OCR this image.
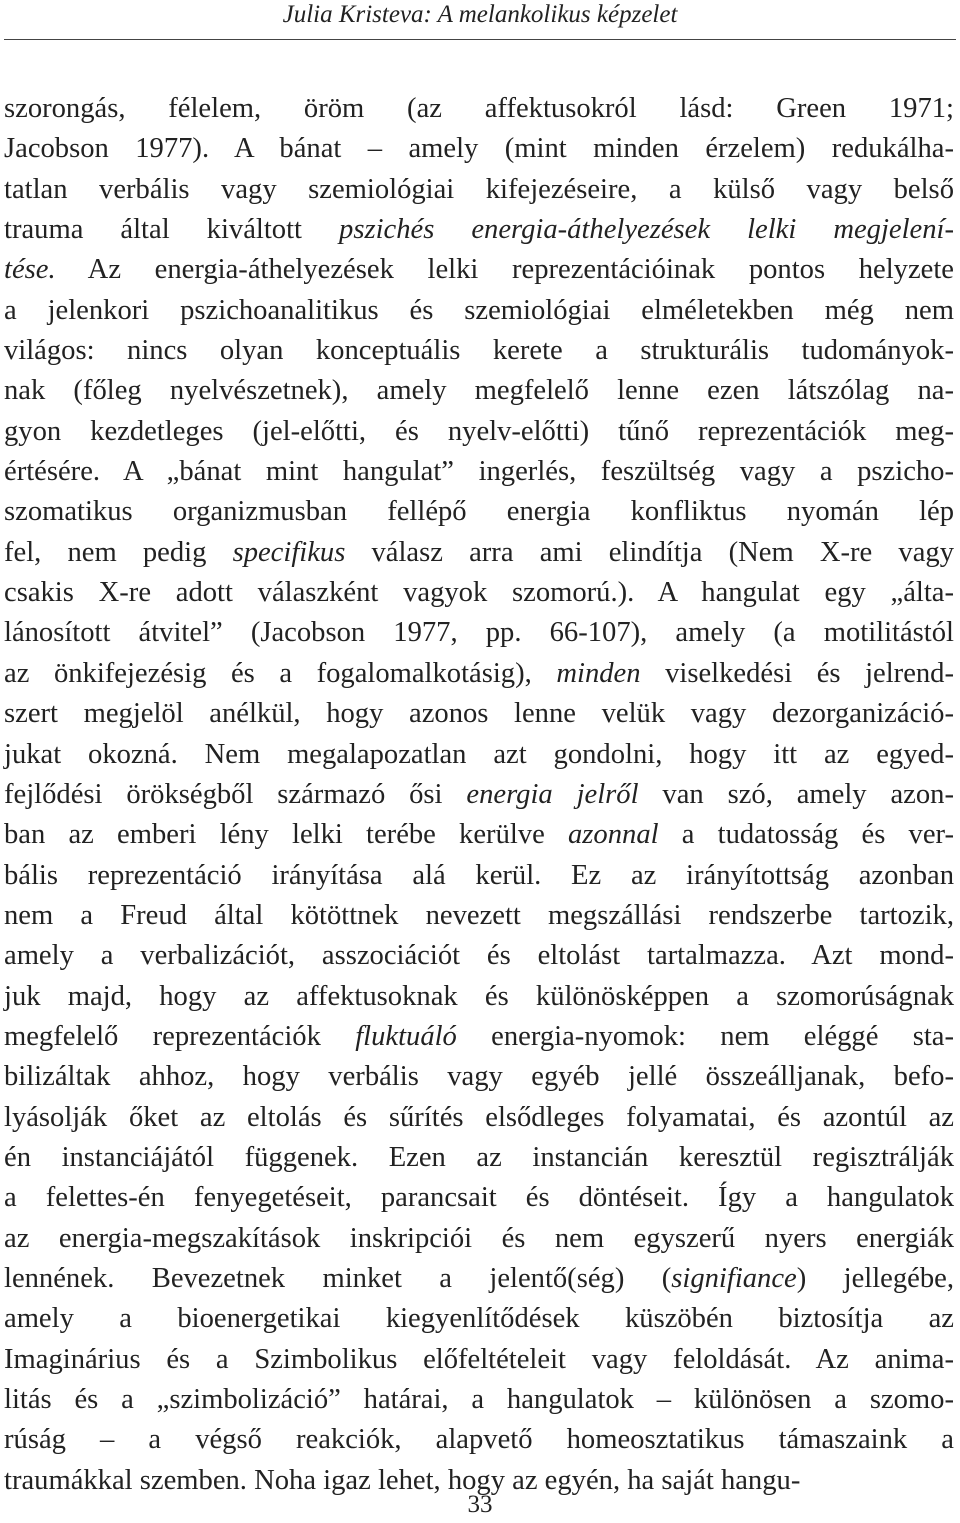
Julia Kristeva: A melankolikus képzelet
szorongás, félelem, öröm (az affektusokról lásd: Green 1971;
Jacobson 1977). A bánat – amely (mint minden érzelem) redukálha-
tatlan verbális vagy szemiológiai kifejezéseire, a külső vagy belső
trauma által kiváltott pszichés energia-áthelyezések lelki megjelení-
tése. Az energia-áthelyezések lelki reprezentációinak pontos helyzete
a jelenkori pszichoanalitikus és szemiológiai elméletekben még nem
világos: nincs olyan konceptuális kerete a strukturális tudományok-
nak (főleg nyelvészetnek), amely megfelelő lenne ezen látszólag na-
gyon kezdetleges (jel-előtti, és nyelv-előtti) tűnő reprezentációk meg-
értésére. A „bánat mint hangulat” ingerlés, feszültség vagy a pszicho-
szomatikus organizmusban fellépő energia konfliktus nyomán lép
fel, nem pedig specifikus válasz arra ami elindítja (Nem X-re vagy
csakis X-re adott válaszként vagyok szomorú.). A hangulat egy „álta-
lánosított átvitel” (Jacobson 1977, pp. 66-107), amely (a motilitástól
az önkifejezésig és a fogalomalkotásig), minden viselkedési és jelrend-
szert megjelöl anélkül, hogy azonos lenne velük vagy dezorganizáció-
jukat okozná. Nem megalapozatlan azt gondolni, hogy itt az egyed-
fejlődési örökségből származó ősi energia jelről van szó, amely azon-
ban az emberi lény lelki terébe kerülve azonnal a tudatosság és ver-
bális reprezentáció irányítása alá kerül. Ez az irányítottság azonban
nem a Freud által kötöttnek nevezett megszállási rendszerbe tartozik,
amely a verbalizációt, asszociációt és eltolást tartalmazza. Azt mond-
juk majd, hogy az affektusoknak és különösképpen a szomorúságnak
megfelelő reprezentációk fluktuáló energia-nyomok: nem eléggé sta-
bilizáltak ahhoz, hogy verbális vagy egyéb jellé összeálljanak, befo-
lyásolják őket az eltolás és sűrítés elsődleges folyamatai, és azontúl az
én instanciájától függenek. Ezen az instancián keresztül regisztrálják
a felettes-én fenyegetéseit, parancsait és döntéseit. Így a hangulatok
az energia-megszakítások inskripciói és nem egyszerű nyers energiák
lennének. Bevezetnek minket a jelentő(ség) (signifiance) jellegébe,
amely a bioenergetikai kiegyenlítődések küszöbén biztosítja az
Imaginárius és a Szimbolikus előfeltételeit vagy feloldását. Az anima-
litás és a „szimbolizáció” határai, a hangulatok – különösen a szomo-
rúság – a végső reakciók, alapvető homeosztatikus támaszaink a
traumákkal szemben. Noha igaz lehet, hogy az egyén, ha saját hangu-
33
